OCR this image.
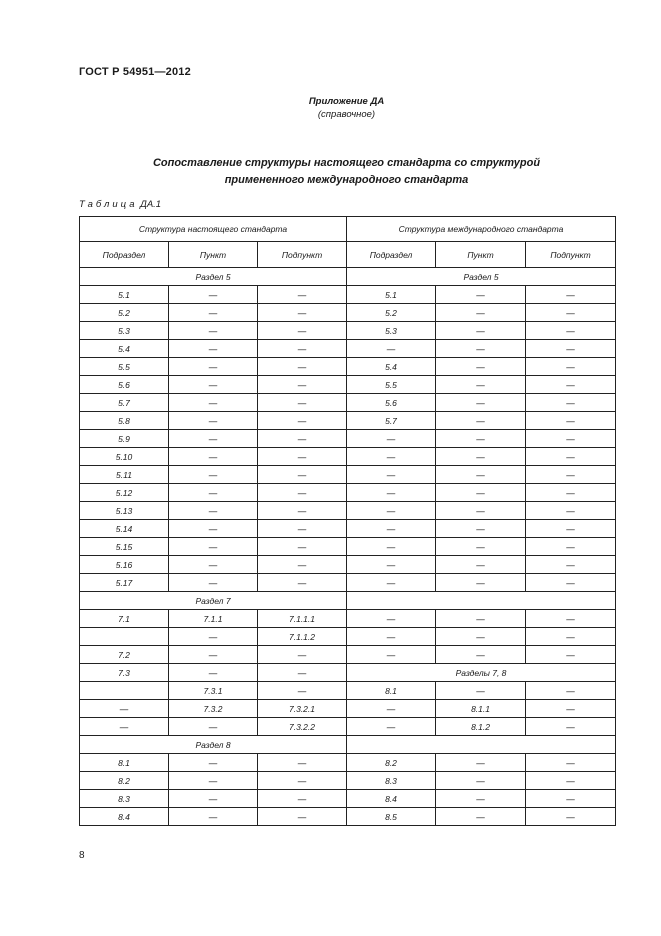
ГОСТ Р 54951—2012
Приложение ДА
(справочное)
Сопоставление структуры настоящего стандарта со структурой
примененного международного стандарта
Таблица ДА.1
Структура настоящего стандарта			Структура международного стандарта		
Подраздел	Пункт	Подпункт	Подраздел	Пункт	Подпункт
Раздел 5			Раздел 5		
5.1	—	—	5.1	—	—
5.2	—	—	5.2	—	—
5.3	—	—	5.3	—	—
5.4	—	—	—	—	—
5.5	—	—	5.4	—	—
5.6	—	—	5.5	—	—
5.7	—	—	5.6	—	—
5.8	—	—	5.7	—	—
5.9	—	—	—	—	—
5.10	—	—	—	—	—
5.11	—	—	—	—	—
5.12	—	—	—	—	—
5.13	—	—	—	—	—
5.14	—	—	—	—	—
5.15	—	—	—	—	—
5.16	—	—	—	—	—
5.17	—	—	—	—	—
Раздел 7					
7.1	7.1.1	7.1.1.1	—	—	—
	—	7.1.1.2	—	—	—
7.2	—	—	—	—	—
7.3	—	—	Разделы 7, 8		
	7.3.1	—	8.1	—	—
—	7.3.2	7.3.2.1	—	8.1.1	—
—	—	7.3.2.2	—	8.1.2	—
Раздел 8					
8.1	—	—	8.2	—	—
8.2	—	—	8.3	—	—
8.3	—	—	8.4	—	—
8.4	—	—	8.5	—	—
8
